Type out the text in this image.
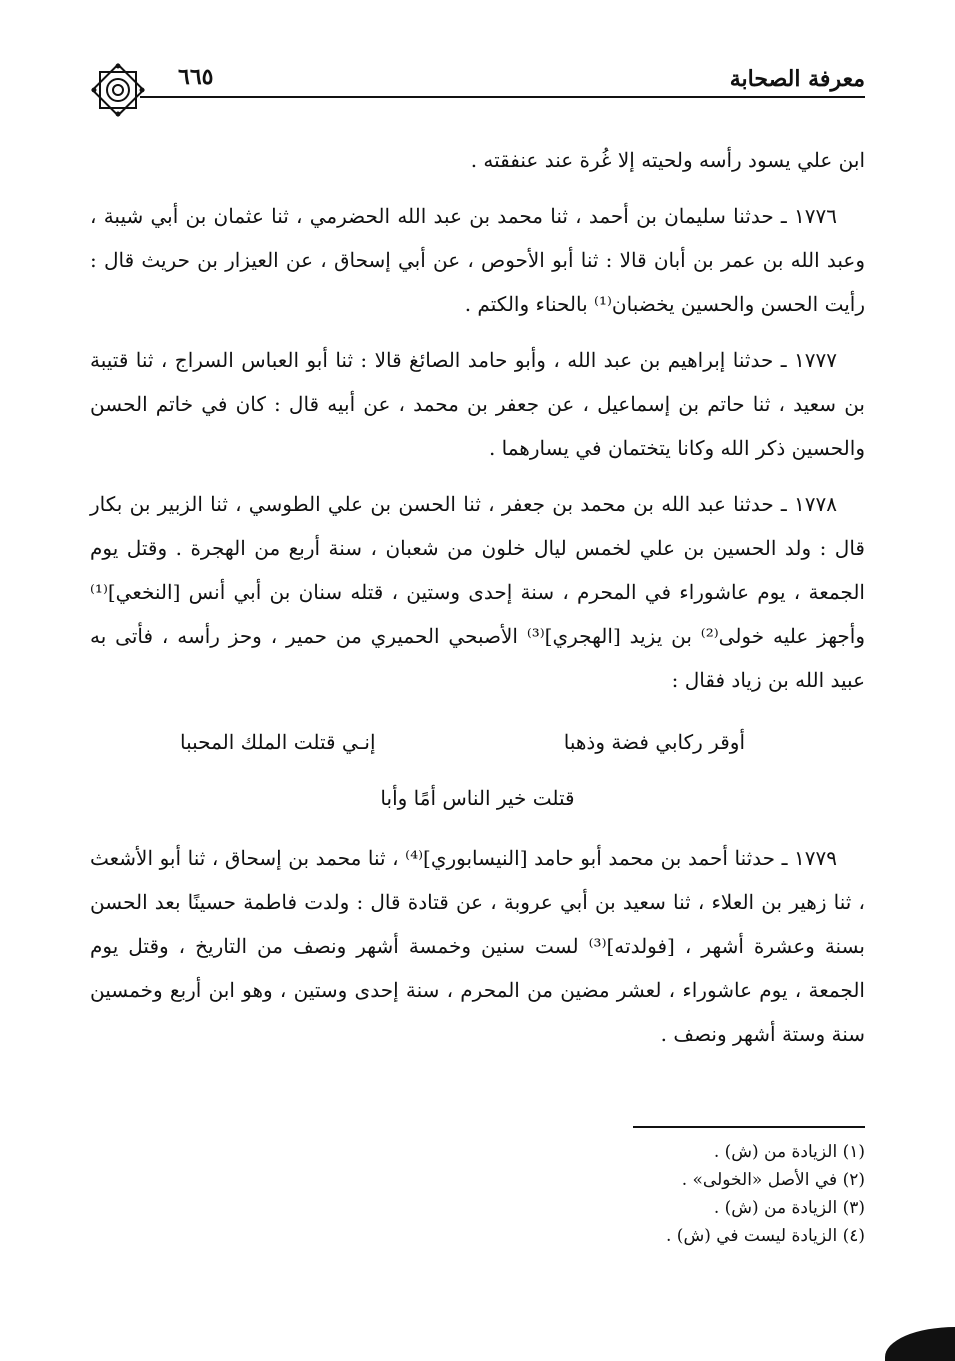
معرفة الصحابة
٦٦٥

ابن علي يسود رأسه ولحيته إلا غُرة عند عنفقته .

١٧٧٦ ـ حدثنا سليمان بن أحمد ، ثنا محمد بن عبد الله الحضرمي ، ثنا عثمان بن أبي شيبة ، وعبد الله بن عمر بن أبان قالا : ثنا أبو الأحوص ، عن أبي إسحاق ، عن العيزار بن حريث قال : رأيت الحسن والحسين يخضبان⁽¹⁾ بالحناء والكتم .

١٧٧٧ ـ حدثنا إبراهيم بن عبد الله ، وأبو حامد الصائغ قالا : ثنا أبو العباس السراج ، ثنا قتيبة بن سعيد ، ثنا حاتم بن إسماعيل ، عن جعفر بن محمد ، عن أبيه قال : كان في خاتم الحسن والحسين ذكر الله وكانا يتختمان في يسارهما .

١٧٧٨ ـ حدثنا عبد الله بن محمد بن جعفر ، ثنا الحسن بن علي الطوسي ، ثنا الزبير بن بكار قال : ولد الحسين بن علي لخمس ليال خلون من شعبان ، سنة أربع من الهجرة . وقتل يوم الجمعة ، يوم عاشوراء في المحرم ، سنة إحدى وستين ، قتله سنان بن أبي أنس [النخعي]⁽¹⁾ وأجهز عليه خولى⁽²⁾ بن يزيد [الهجري]⁽³⁾ الأصبحي الحميري من حمير ، وحز رأسه ، فأتى به عبيد الله بن زياد فقال :

أوقر ركابي فضة وذهبا
إنـي قتلت الملك المحببا
قتلت خير الناس أمًا وأبا

١٧٧٩ ـ حدثنا أحمد بن محمد أبو حامد [النيسابوري]⁽⁴⁾ ، ثنا محمد بن إسحاق ، ثنا أبو الأشعث ، ثنا زهير بن العلاء ، ثنا سعيد بن أبي عروبة ، عن قتادة قال : ولدت فاطمة حسينًا بعد الحسن بسنة وعشرة أشهر ، [فولدته]⁽³⁾ لست سنين وخمسة أشهر ونصف من التاريخ ، وقتل يوم الجمعة ، يوم عاشوراء ، لعشر مضين من المحرم ، سنة إحدى وستين ، وهو ابن أربع وخمسين سنة وستة أشهر ونصف .

(١) الزيادة من (ش) .
(٢) في الأصل «الخولى» .
(٣) الزيادة من (ش) .
(٤) الزيادة ليست في (ش) .
